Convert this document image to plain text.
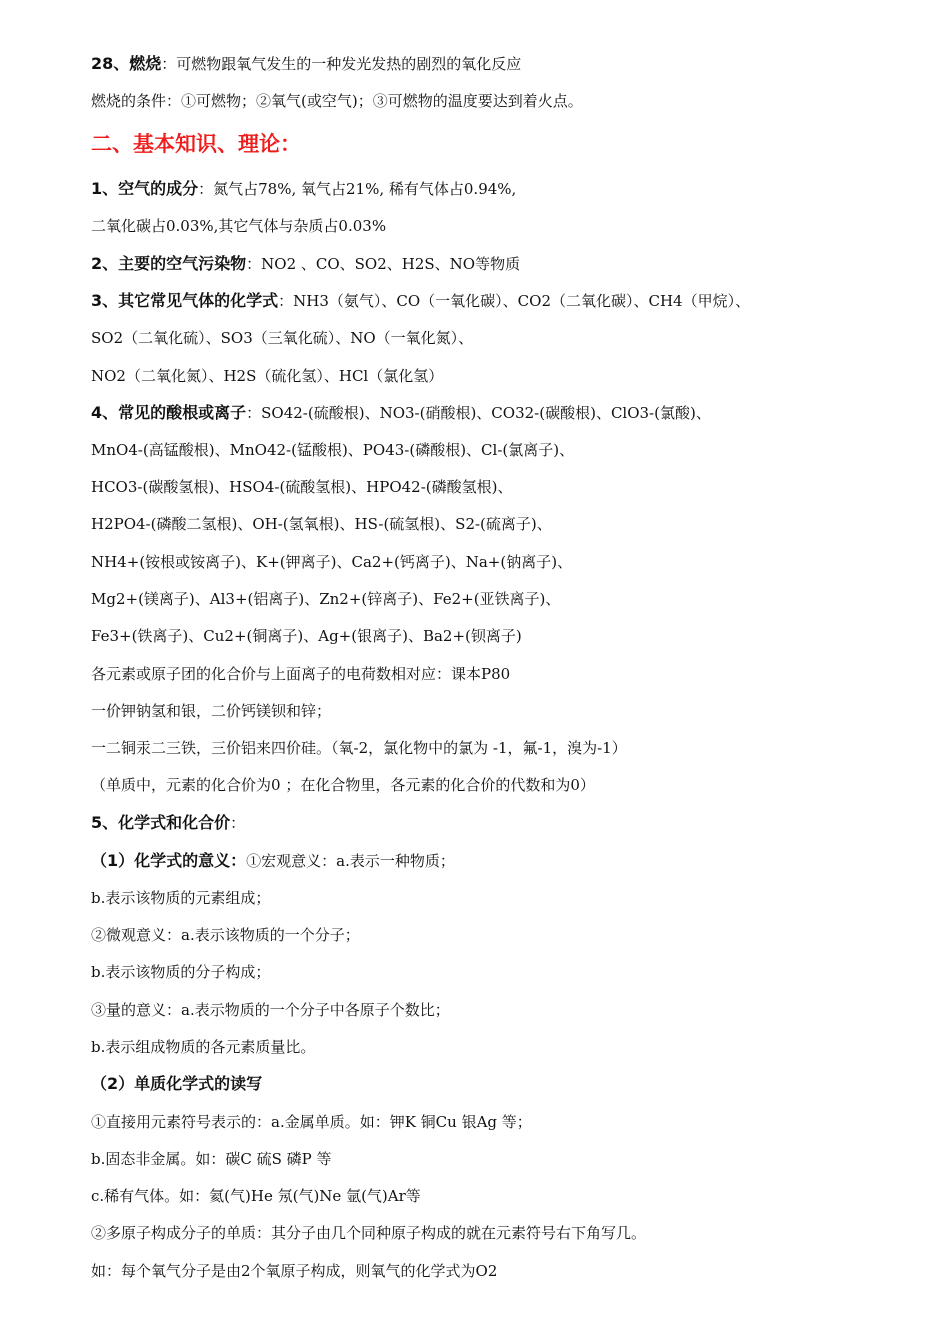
28、燃烧：可燃物跟氧气发生的一种发光发热的剧烈的氧化反应
燃烧的条件：①可燃物；②氧气(或空气)；③可燃物的温度要达到着火点。
二、基本知识、理论：
1、空气的成分：氮气占78%, 氧气占21%, 稀有气体占0.94%,
二氧化碳占0.03%,其它气体与杂质占0.03%
2、主要的空气污染物：NO2 、CO、SO2、H2S、NO等物质
3、其它常见气体的化学式：NH3（氨气）、CO（一氧化碳）、CO2（二氧化碳）、CH4（甲烷）、
SO2（二氧化硫）、SO3（三氧化硫）、NO（一氧化氮）、
NO2（二氧化氮）、H2S（硫化氢）、HCl（氯化氢）
4、常见的酸根或离子：SO42-(硫酸根)、NO3-(硝酸根)、CO32-(碳酸根)、ClO3-(氯酸)、
MnO4-(高锰酸根)、MnO42-(锰酸根)、PO43-(磷酸根)、Cl-(氯离子)、
HCO3-(碳酸氢根)、HSO4-(硫酸氢根)、HPO42-(磷酸氢根)、
H2PO4-(磷酸二氢根)、OH-(氢氧根)、HS-(硫氢根)、S2-(硫离子)、
NH4+(铵根或铵离子)、K+(钾离子)、Ca2+(钙离子)、Na+(钠离子)、
Mg2+(镁离子)、Al3+(铝离子)、Zn2+(锌离子)、Fe2+(亚铁离子)、
Fe3+(铁离子)、Cu2+(铜离子)、Ag+(银离子)、Ba2+(钡离子)
各元素或原子团的化合价与上面离子的电荷数相对应：课本P80
一价钾钠氢和银，二价钙镁钡和锌；
一二铜汞二三铁，三价铝来四价硅。（氧-2，氯化物中的氯为 -1，氟-1，溴为-1）
（单质中，元素的化合价为0 ；在化合物里，各元素的化合价的代数和为0）
5、化学式和化合价：
（1）化学式的意义：①宏观意义：a.表示一种物质；
b.表示该物质的元素组成；
②微观意义：a.表示该物质的一个分子；
b.表示该物质的分子构成；
③量的意义：a.表示物质的一个分子中各原子个数比；
b.表示组成物质的各元素质量比。
（2）单质化学式的读写
①直接用元素符号表示的：a.金属单质。如：钾K 铜Cu 银Ag 等；
b.固态非金属。如：碳C 硫S 磷P 等
c.稀有气体。如：氦(气)He 氖(气)Ne 氩(气)Ar等
②多原子构成分子的单质：其分子由几个同种原子构成的就在元素符号右下角写几。
如：每个氧气分子是由2个氧原子构成，则氧气的化学式为O2
